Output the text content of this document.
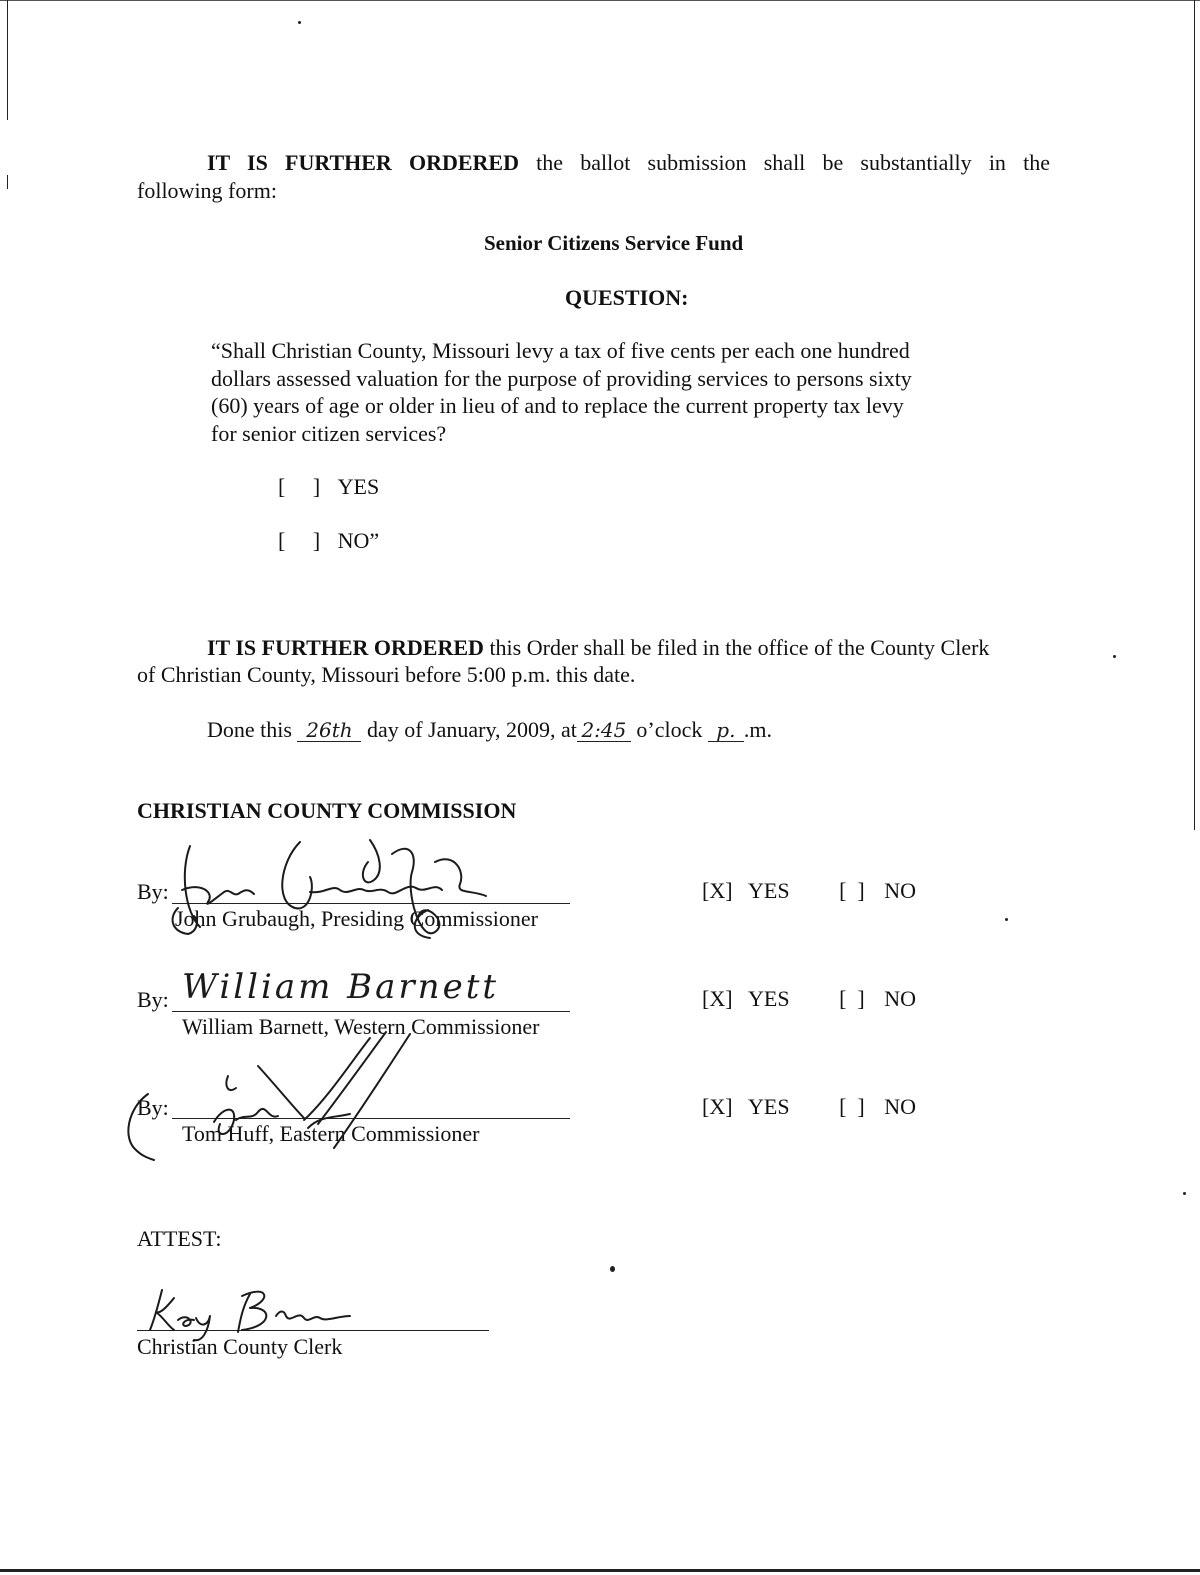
IT IS FURTHER ORDERED the ballot submission shall be substantially in the
following form:
Senior Citizens Service Fund
QUESTION:
“Shall Christian County, Missouri levy a tax of five cents per each one hundred
dollars assessed valuation for the purpose of providing services to persons sixty
(60) years of age or older in lieu of and to replace the current property tax levy
for senior citizen services?
[     ] YES
[     ] NO”
IT IS FURTHER ORDERED this Order shall be filed in the office of the County Clerk
of Christian County, Missouri before 5:00 p.m. this date.
Done this 26th day of January, 2009, at 2:45 o’clock p. .m.
CHRISTIAN COUNTY COMMISSION
By:
John Grubaugh, Presiding Commissioner
[X] YES [  ] NO
By: William Barnett
William Barnett, Western Commissioner
[X] YES [  ] NO
By:
Tom Huff, Eastern Commissioner
[X] YES [  ] NO
ATTEST:
Christian County Clerk
